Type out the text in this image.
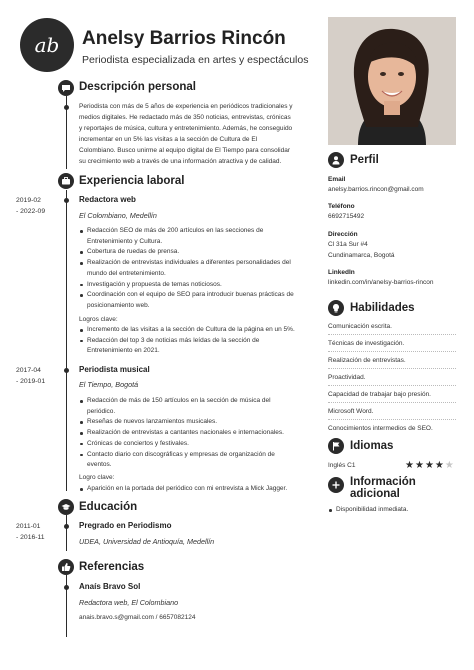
ab Anelsy Barrios Rincón
Periodista especializada en artes y espectáculos
Descripción personal
Periodista con más de 5 años de experiencia en periódicos tradicionales y
medios digitales. He redactado más de 350 noticias, entrevistas, crónicas
y reportajes de música, cultura y entretenimiento. Además, he conseguido
incrementar en un 5% las visitas a la sección de Cultura de El
Colombiano. Busco unirme al equipo digital de El Tiempo para consolidar
su crecimiento web a través de una información atractiva y de calidad.
Experiencia laboral
2019-02
- 2022-09
Redactora web
El Colombiano, Medellín
Redacción SEO de más de 200 artículos en las secciones de
Entretenimiento y Cultura.
Cobertura de ruedas de prensa.
Realización de entrevistas individuales a diferentes personalidades del
mundo del entretenimiento.
Investigación y propuesta de temas noticiosos.
Coordinación con el equipo de SEO para introducir buenas prácticas de
posicionamiento web.
Logros clave:
Incremento de las visitas a la sección de Cultura de la página en un 5%.
Redacción del top 3 de noticias más leídas de la sección de
Entretenimiento en 2021.
2017-04
- 2019-01
Periodista musical
El Tiempo, Bogotá
Redacción de más de 150 artículos en la sección de música del
periódico.
Reseñas de nuevos lanzamientos musicales.
Realización de entrevistas a cantantes nacionales e internacionales.
Crónicas de conciertos y festivales.
Contacto diario con discográficas y empresas de organización de
eventos.
Logro clave:
Aparición en la portada del periódico con mi entrevista a Mick Jagger.
Educación
2011-01
- 2016-11
Pregrado en Periodismo
UDEA, Universidad de Antioquía, Medellín
Referencias
Anaís Bravo Sol
Redactora web, El Colombiano
anais.bravo.s@gmail.com / 6657082124
Perfil
Email
anelsy.barrios.rincon@gmail.com
Teléfono
6692715492
Dirección
Cl 31a Sur #4
Cundinamarca, Bogotá
LinkedIn
linkedin.com/in/anelsy-barrios-rincon
Habilidades
Comunicación escrita.
Técnicas de investigación.
Realización de entrevistas.
Proactividad.
Capacidad de trabajar bajo presión.
Microsoft Word.
Conocimientos intermedios de SEO.
Idiomas
Inglés C1	★★★★★
Información
adicional
Disponibilidad inmediata.
